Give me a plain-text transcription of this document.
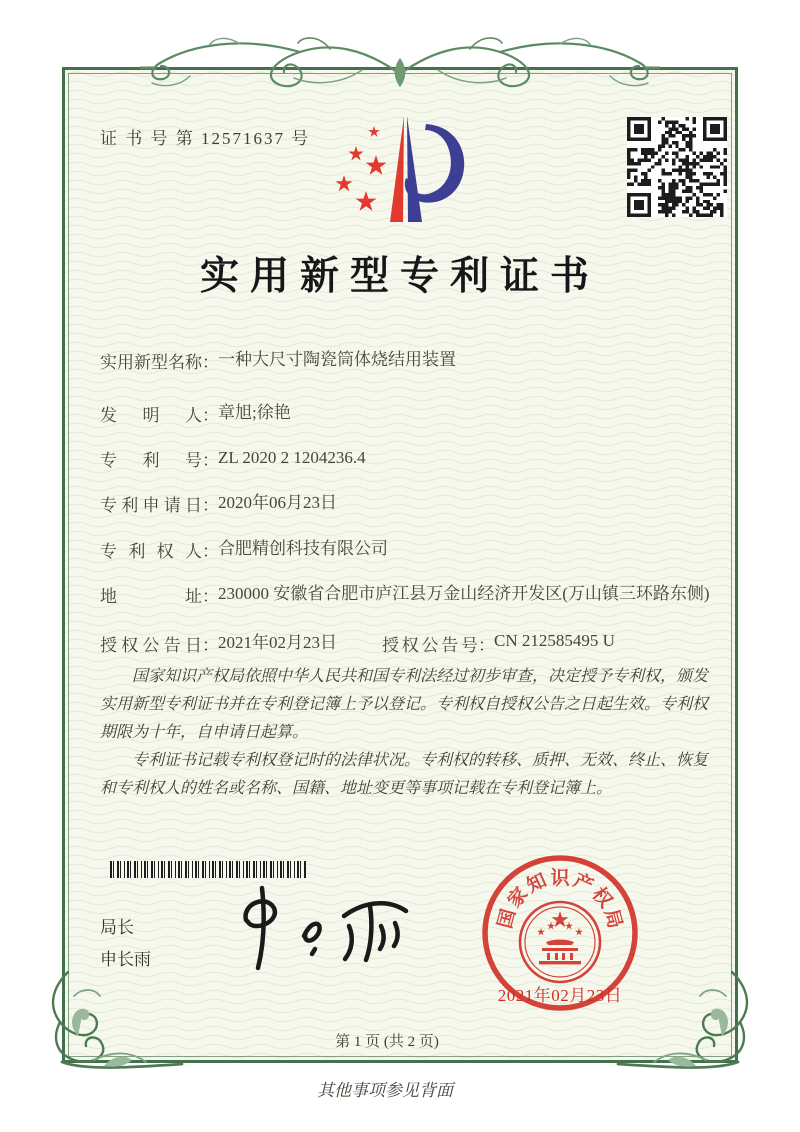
证 书 号 第 12571637 号
实用新型专利证书
实用新型名称：一种大尺寸陶瓷筒体烧结用装置
发明人：章旭;徐艳
专利号：ZL 2020 2 1204236.4
专利申请日：2020年06月23日
专利权人：合肥精创科技有限公司
地址：230000 安徽省合肥市庐江县万金山经济开发区(万山镇三环路东侧)
授权公告日：2021年02月23日	授权公告号：CN 212585495 U

国家知识产权局依照中华人民共和国专利法经过初步审查，决定授予专利权，颁发实用新型专利证书并在专利登记簿上予以登记。专利权自授权公告之日起生效。专利权期限为十年，自申请日起算。

专利证书记载专利权登记时的法律状况。专利权的转移、质押、无效、终止、恢复和专利权人的姓名或名称、国籍、地址变更等事项记载在专利登记簿上。

局长
申长雨
国
家
知 识 产
权
局
2021年02月23日
第 1 页 (共 2 页)
其他事项参见背面
